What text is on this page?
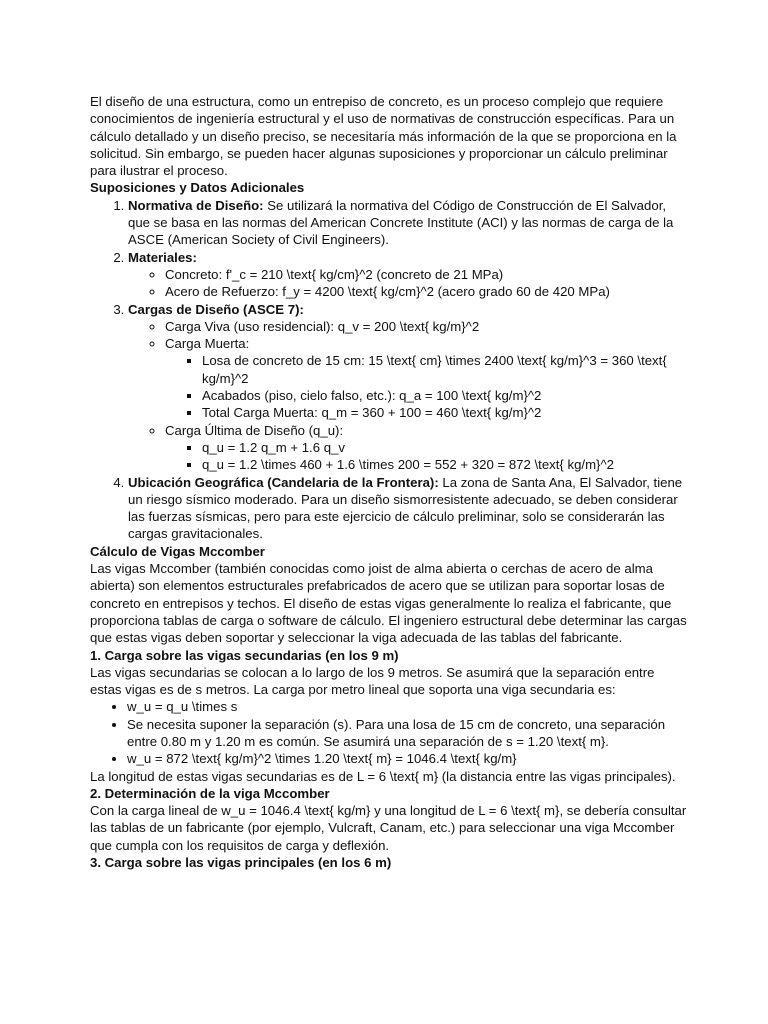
El diseño de una estructura, como un entrepiso de concreto, es un proceso complejo que requiere conocimientos de ingeniería estructural y el uso de normativas de construcción específicas. Para un cálculo detallado y un diseño preciso, se necesitaría más información de la que se proporciona en la solicitud. Sin embargo, se pueden hacer algunas suposiciones y proporcionar un cálculo preliminar para ilustrar el proceso.

Suposiciones y Datos Adicionales

1. Normativa de Diseño: Se utilizará la normativa del Código de Construcción de El Salvador, que se basa en las normas del American Concrete Institute (ACI) y las normas de carga de la ASCE (American Society of Civil Engineers).
2. Materiales:
◦ Concreto: f'_c = 210 \text{ kg/cm}^2 (concreto de 21 MPa)
◦ Acero de Refuerzo: f_y = 4200 \text{ kg/cm}^2 (acero grado 60 de 420 MPa)
3. Cargas de Diseño (ASCE 7):
◦ Carga Viva (uso residencial): q_v = 200 \text{ kg/m}^2
◦ Carga Muerta:
▪ Losa de concreto de 15 cm: 15 \text{ cm} \times 2400 \text{ kg/m}^3 = 360 \text{ kg/m}^2
▪ Acabados (piso, cielo falso, etc.): q_a = 100 \text{ kg/m}^2
▪ Total Carga Muerta: q_m = 360 + 100 = 460 \text{ kg/m}^2
◦ Carga Última de Diseño (q_u):
▪ q_u = 1.2 q_m + 1.6 q_v
▪ q_u = 1.2 \times 460 + 1.6 \times 200 = 552 + 320 = 872 \text{ kg/m}^2
4. Ubicación Geográfica (Candelaria de la Frontera): La zona de Santa Ana, El Salvador, tiene un riesgo sísmico moderado. Para un diseño sismorresistente adecuado, se deben considerar las fuerzas sísmicas, pero para este ejercicio de cálculo preliminar, solo se considerarán las cargas gravitacionales.

Cálculo de Vigas Mccomber

Las vigas Mccomber (también conocidas como joist de alma abierta o cerchas de acero de alma abierta) son elementos estructurales prefabricados de acero que se utilizan para soportar losas de concreto en entrepisos y techos. El diseño de estas vigas generalmente lo realiza el fabricante, que proporciona tablas de carga o software de cálculo. El ingeniero estructural debe determinar las cargas que estas vigas deben soportar y seleccionar la viga adecuada de las tablas del fabricante.

1. Carga sobre las vigas secundarias (en los 9 m)

Las vigas secundarias se colocan a lo largo de los 9 metros. Se asumirá que la separación entre estas vigas es de s metros. La carga por metro lineal que soporta una viga secundaria es:

• w_u = q_u \times s
• Se necesita suponer la separación (s). Para una losa de 15 cm de concreto, una separación entre 0.80 m y 1.20 m es común. Se asumirá una separación de s = 1.20 \text{ m}.
• w_u = 872 \text{ kg/m}^2 \times 1.20 \text{ m} = 1046.4 \text{ kg/m}

La longitud de estas vigas secundarias es de L = 6 \text{ m} (la distancia entre las vigas principales).

2. Determinación de la viga Mccomber

Con la carga lineal de w_u = 1046.4 \text{ kg/m} y una longitud de L = 6 \text{ m}, se debería consultar las tablas de un fabricante (por ejemplo, Vulcraft, Canam, etc.) para seleccionar una viga Mccomber que cumpla con los requisitos de carga y deflexión.

3. Carga sobre las vigas principales (en los 6 m)
